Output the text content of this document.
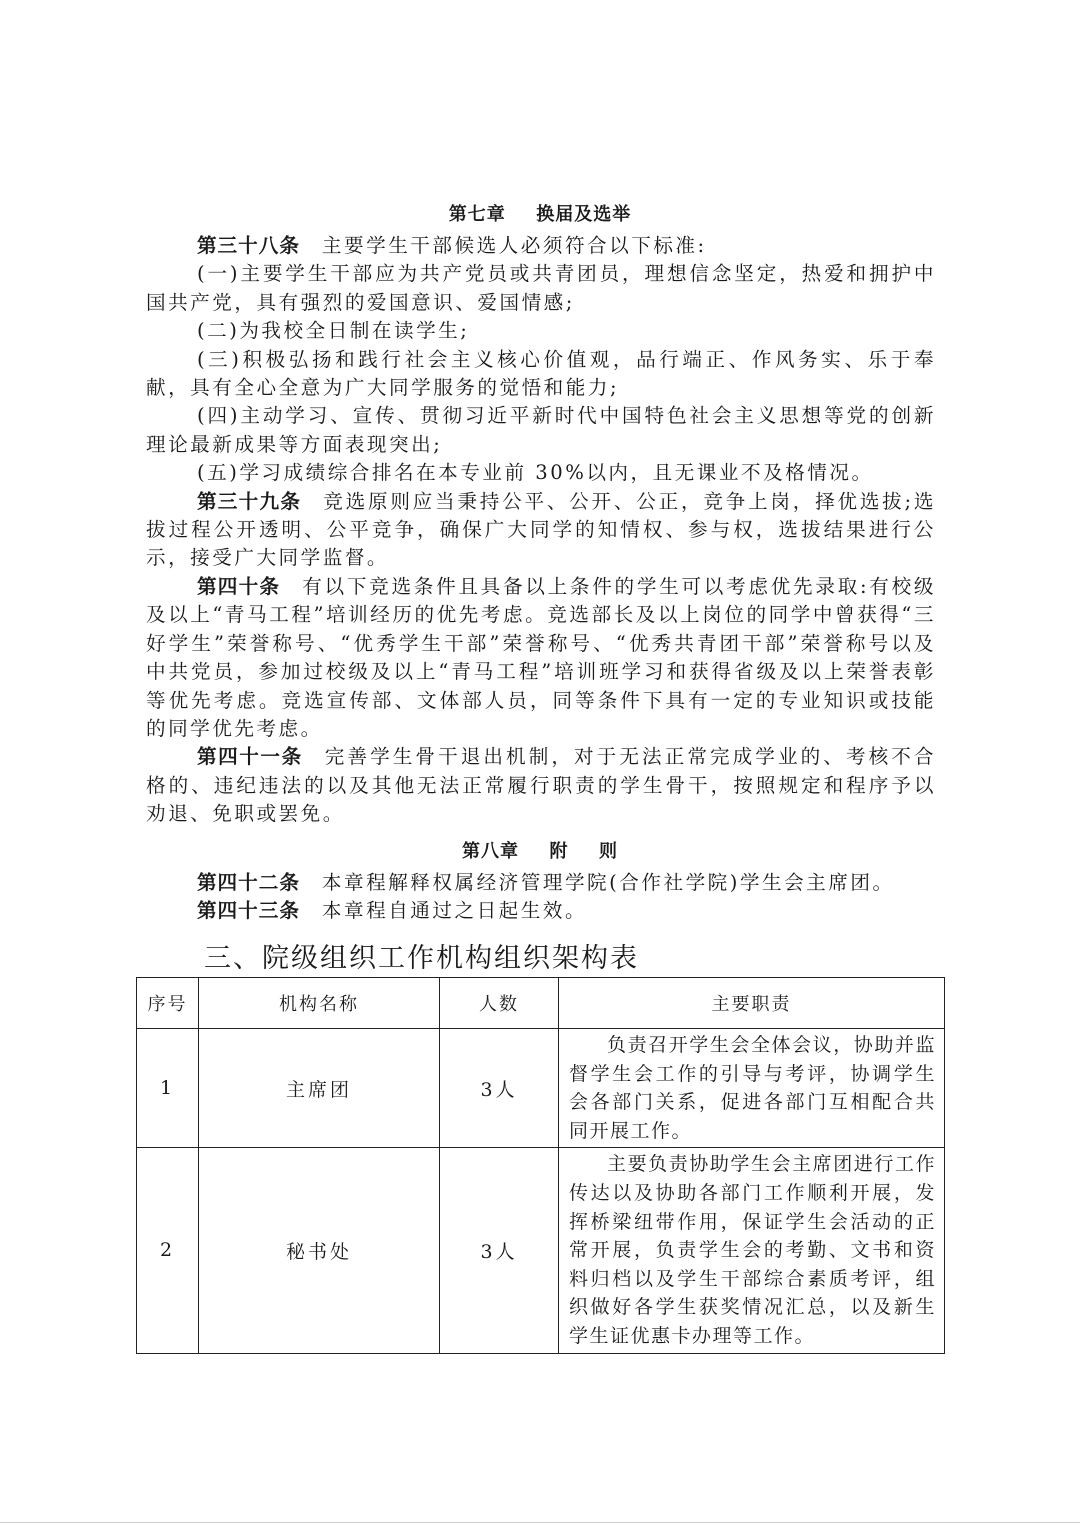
第七章  换届及选举

第三十八条 主要学生干部候选人必须符合以下标准:

(一)主要学生干部应为共产党员或共青团员，理想信念坚定，热爱和拥护中国共产党，具有强烈的爱国意识、爱国情感;

(二)为我校全日制在读学生;

(三)积极弘扬和践行社会主义核心价值观，品行端正、作风务实、乐于奉献，具有全心全意为广大同学服务的觉悟和能力;

(四)主动学习、宣传、贯彻习近平新时代中国特色社会主义思想等党的创新理论最新成果等方面表现突出;

(五)学习成绩综合排名在本专业前 30%以内，且无课业不及格情况。

第三十九条 竞选原则应当秉持公平、公开、公正，竞争上岗，择优选拔;选拔过程公开透明、公平竞争，确保广大同学的知情权、参与权，选拔结果进行公示，接受广大同学监督。

第四十条 有以下竞选条件且具备以上条件的学生可以考虑优先录取:有校级及以上“青马工程”培训经历的优先考虑。竞选部长及以上岗位的同学中曾获得“三好学生”荣誉称号、“优秀学生干部”荣誉称号、“优秀共青团干部”荣誉称号以及中共党员，参加过校级及以上“青马工程”培训班学习和获得省级及以上荣誉表彰等优先考虑。竞选宣传部、文体部人员，同等条件下具有一定的专业知识或技能的同学优先考虑。

第四十一条 完善学生骨干退出机制，对于无法正常完成学业的、考核不合格的、违纪违法的以及其他无法正常履行职责的学生骨干，按照规定和程序予以劝退、免职或罢免。

第八章  附  则

第四十二条 本章程解释权属经济管理学院(合作社学院)学生会主席团。

第四十三条 本章程自通过之日起生效。

三、院级组织工作机构组织架构表
序号	机构名称	人数	主要职责
1	主席团	3人	负责召开学生会全体会议，协助并监督学生会工作的引导与考评，协调学生会各部门关系，促进各部门互相配合共同开展工作。
2	秘书处	3人	主要负责协助学生会主席团进行工作传达以及协助各部门工作顺利开展，发挥桥梁纽带作用，保证学生会活动的正常开展，负责学生会的考勤、文书和资料归档以及学生干部综合素质考评，组织做好各学生获奖情况汇总，以及新生学生证优惠卡办理等工作。
